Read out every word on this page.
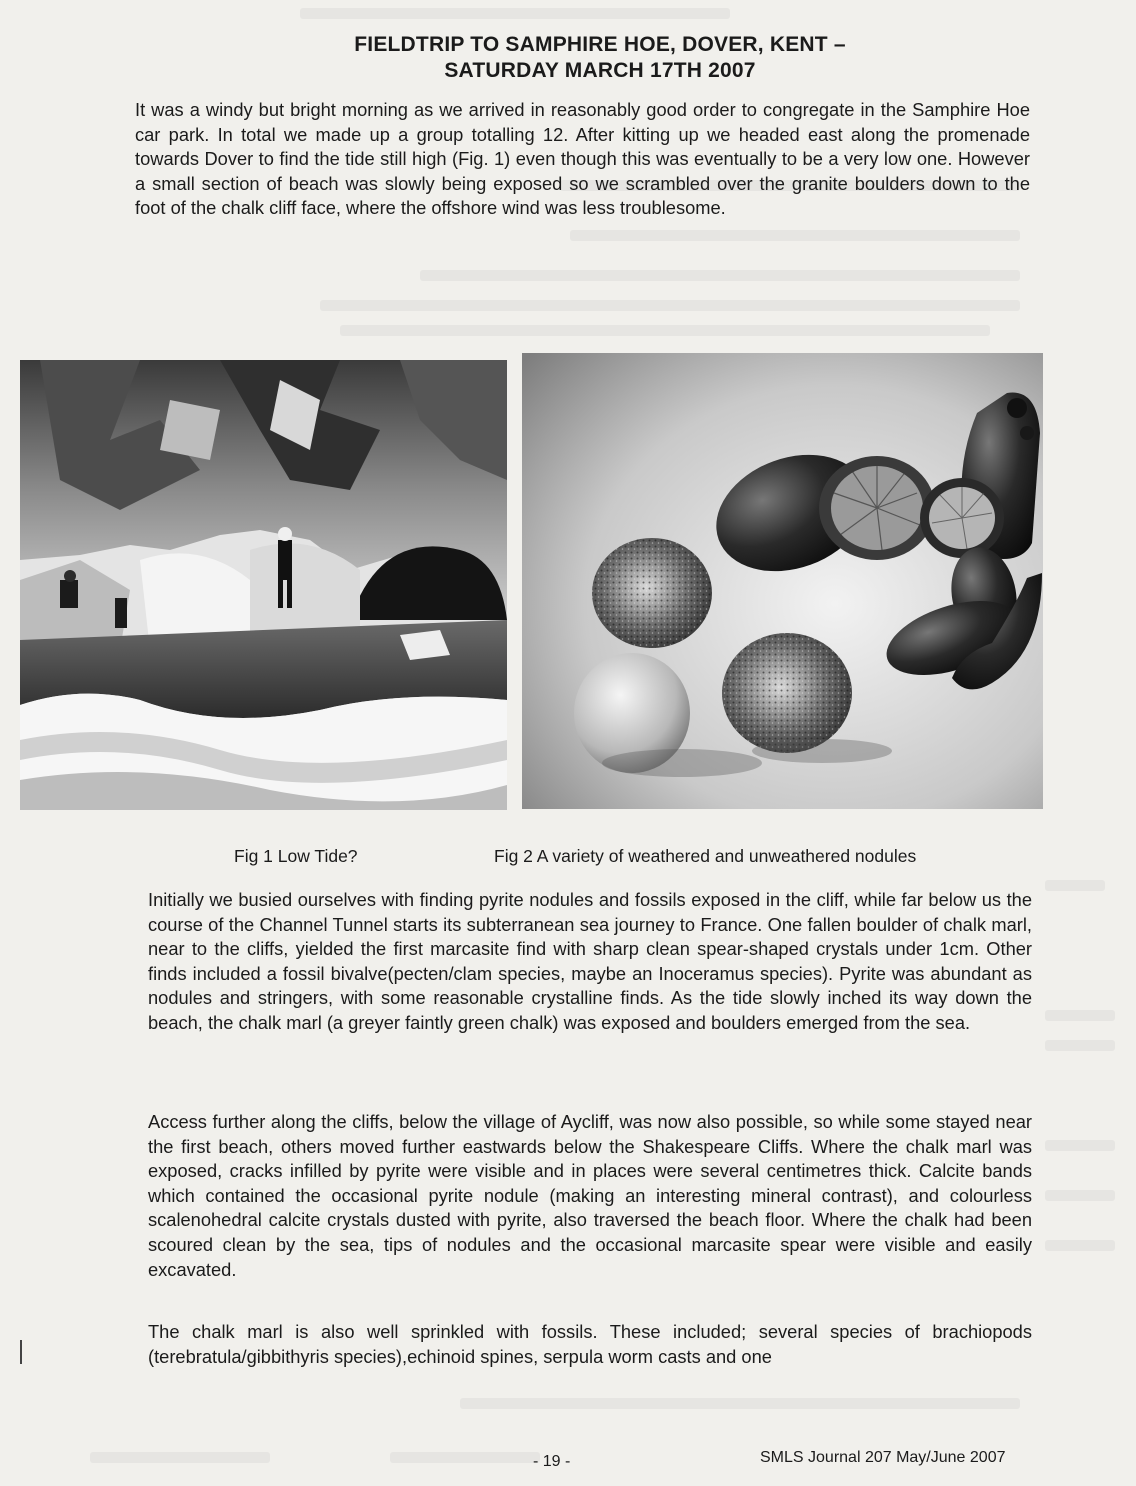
FIELDTRIP TO SAMPHIRE HOE, DOVER, KENT –
SATURDAY MARCH 17TH 2007

It was a windy but bright morning as we arrived in reasonably good order to congregate in the Samphire Hoe car park. In total we made up a group totalling 12. After kitting up we headed east along the promenade towards Dover to find the tide still high (Fig. 1) even though this was eventually to be a very low one. However a small section of beach was slowly being exposed so we scrambled over the granite boulders down to the foot of the chalk cliff face, where the offshore wind was less troublesome.

Fig 1 Low Tide?	Fig 2 A variety of weathered and unweathered nodules

Initially we busied ourselves with finding pyrite nodules and fossils exposed in the cliff, while far below us the course of the Channel Tunnel starts its subterranean sea journey to France. One fallen boulder of chalk marl, near to the cliffs, yielded the first marcasite find with sharp clean spear-shaped crystals under 1cm. Other finds included a fossil bivalve(pecten/clam species, maybe an Inoceramus species). Pyrite was abundant as nodules and stringers, with some reasonable crystalline finds. As the tide slowly inched its way down the beach, the chalk marl (a greyer faintly green chalk) was exposed and boulders emerged from the sea.

Access further along the cliffs, below the village of Aycliff, was now also possible, so while some stayed near the first beach, others moved further eastwards below the Shakespeare Cliffs. Where the chalk marl was exposed, cracks infilled by pyrite were visible and in places were several centimetres thick. Calcite bands which contained the occasional pyrite nodule (making an interesting mineral contrast), and colourless scalenohedral calcite crystals dusted with pyrite, also traversed the beach floor. Where the chalk had been scoured clean by the sea, tips of nodules and the occasional marcasite spear were visible and easily excavated.

The chalk marl is also well sprinkled with fossils. These included; several species of brachiopods (terebratula/gibbithyris species),echinoid spines, serpula worm casts and one

- 19 -	SMLS Journal 207 May/June 2007
